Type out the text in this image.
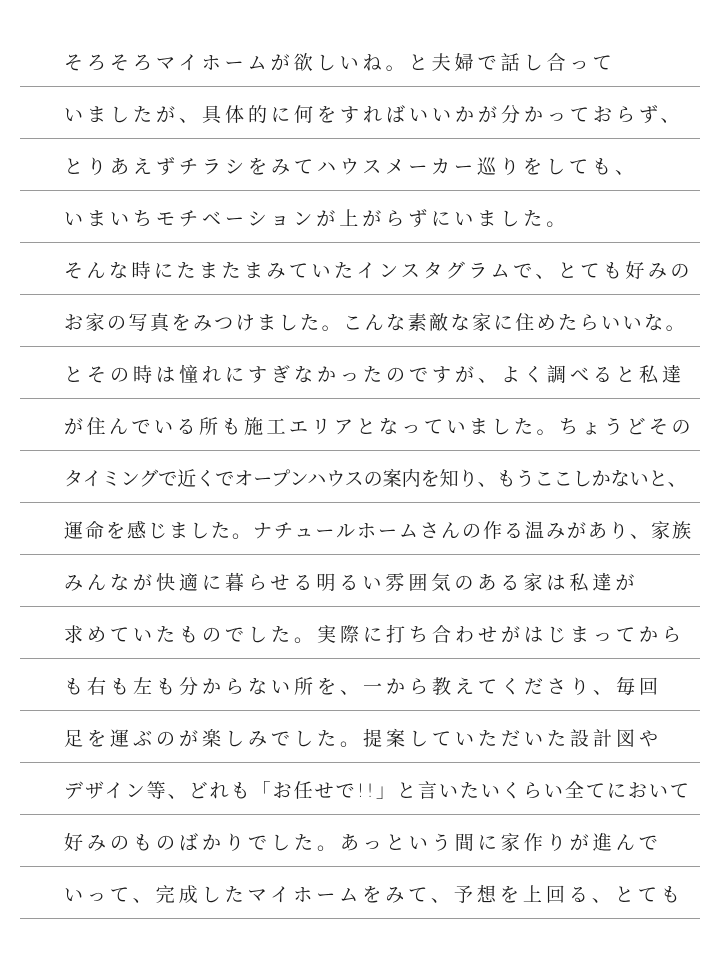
そろそろマイホームが欲しいね。と夫婦で話し合って
いましたが、具体的に何をすればいいかが分かっておらず、
とりあえずチラシをみてハウスメーカー巡りをしても、
いまいちモチベーションが上がらずにいました。
そんな時にたまたまみていたインスタグラムで、とても好みの
お家の写真をみつけました。こんな素敵な家に住めたらいいな。
とその時は憧れにすぎなかったのですが、よく調べると私達
が住んでいる所も施工エリアとなっていました。ちょうどその
タイミングで近くでオープンハウスの案内を知り、もうここしかないと、
運命を感じました。ナチュールホームさんの作る温みがあり、家族
みんなが快適に暮らせる明るい雰囲気のある家は私達が
求めていたものでした。実際に打ち合わせがはじまってから
も右も左も分からない所を、一から教えてくださり、毎回
足を運ぶのが楽しみでした。提案していただいた設計図や
デザイン等、どれも「お任せで!!」と言いたいくらい全てにおいて
好みのものばかりでした。あっという間に家作りが進んで
いって、完成したマイホームをみて、予想を上回る、とても
